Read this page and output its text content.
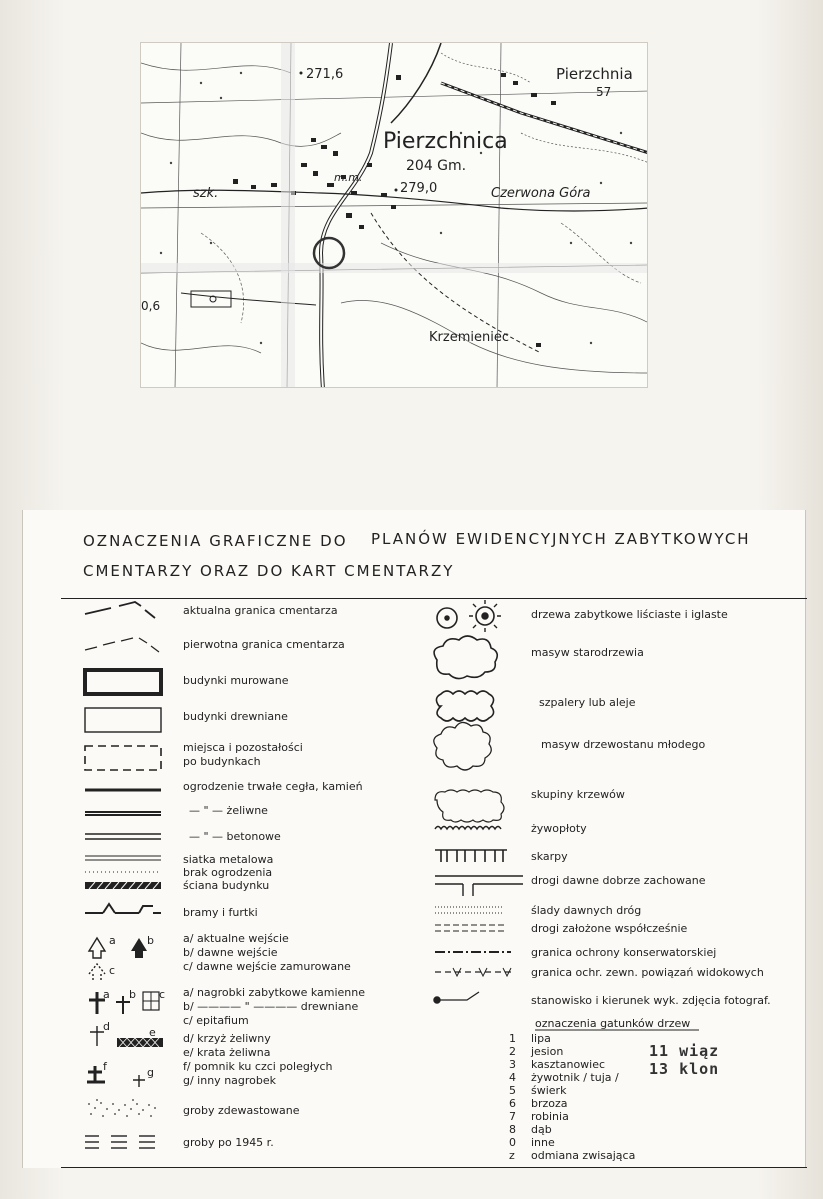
Pierzchnica
204 Gm.
271,6
279,0	Czerwona Góra
Pierzchnia
57
szk.
m.m.
Krzemieniec
0,6
OZNACZENIA GRAFICZNE DO PLANÓW EWIDENCYJNYCH ZABYTKOWYCH
CMENTARZY ORAZ DO KART CMENTARZY
a	b
c
a b c
d	e
f	g
aktualna granica cmentarza
pierwotna granica cmentarza
budynki murowane
budynki drewniane
miejsca i pozostałości
po budynkach
ogrodzenie trwałe cegła, kamień
— " — żeliwne
— " — betonowe
siatka metalowa
brak ogrodzenia
ściana budynku
bramy i furtki
a/ aktualne wejście
b/ dawne wejście
c/ dawne wejście zamurowane
a/ nagrobki zabytkowe kamienne
b/ ———— " ———— drewniane
c/ epitafium
d/ krzyż żeliwny
e/ krata żeliwna
f/ pomnik ku czci poległych
g/ inny nagrobek
groby zdewastowane
groby po 1945 r.
drzewa zabytkowe liściaste i iglaste
masyw starodrzewia
szpalery lub aleje
masyw drzewostanu młodego
skupiny krzewów
żywopłoty
skarpy
drogi dawne dobrze zachowane
ślady dawnych dróg
drogi założone współcześnie
granica ochrony konserwatorskiej
granica ochr. zewn. powiązań widokowych
stanowisko i kierunek wyk. zdjęcia fotograf.
oznaczenia gatunków drzew
1 lipa
2 jesion
3 kasztanowiec
4 żywotnik / tuja /
5 świerk
6 brzoza
7 robinia
8 dąb
0 inne
z odmiana zwisająca
11 wiąz
13 klon
